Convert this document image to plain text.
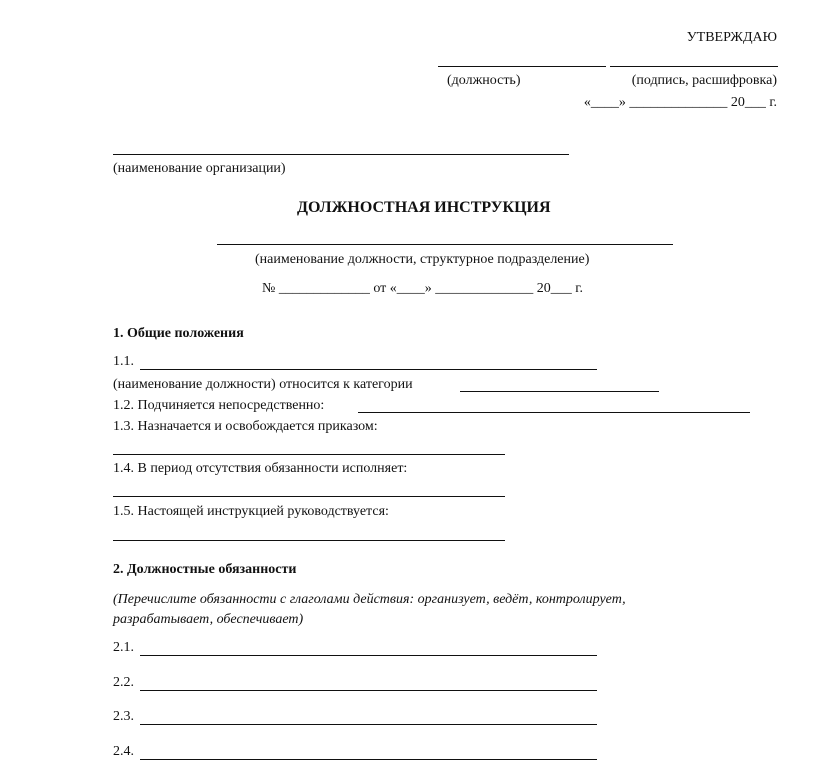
УТВЕРЖДАЮ
(должность)	(подпись, расшифровка)
«____» ______________ 20___ г.
(наименование организации)
ДОЛЖНОСТНАЯ ИНСТРУКЦИЯ
(наименование должности, структурное подразделение)
№ _____________ от «____» ______________ 20___ г.
1. Общие положения
1.1.
(наименование должности) относится к категории
1.2. Подчиняется непосредственно:
1.3. Назначается и освобождается приказом:
1.4. В период отсутствия обязанности исполняет:
1.5. Настоящей инструкцией руководствуется:
2. Должностные обязанности
(Перечислите обязанности с глаголами действия: организует, ведёт, контролирует,
разрабатывает, обеспечивает)
2.1.
2.2.
2.3.
2.4.
